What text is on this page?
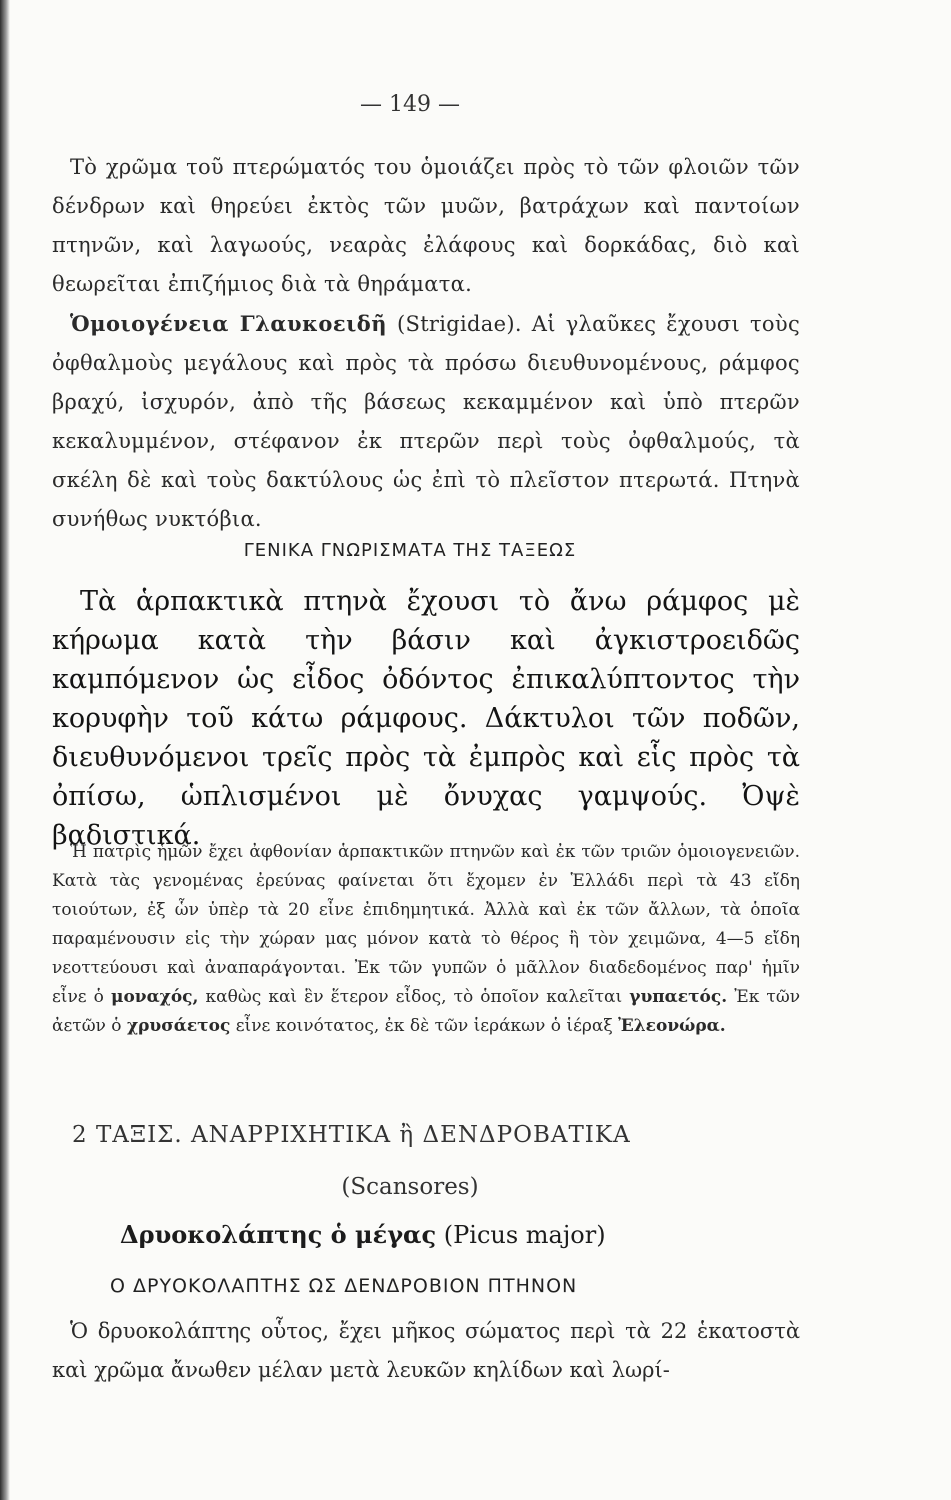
— 149 —

Τὸ χρῶμα τοῦ πτερώματός του ὁμοιάζει πρὸς τὸ τῶν φλοιῶν τῶν δένδρων καὶ θηρεύει ἐκτὸς τῶν μυῶν, βατράχων καὶ παντοίων πτηνῶν, καὶ λαγωούς, νεαρὰς ἐλάφους καὶ δορκάδας, διὸ καὶ θεωρεῖται ἐπιζήμιος διὰ τὰ θηράματα.

Ὁμοιογένεια Γλαυκοειδῆ (Strigidae). Αἱ γλαῦκες ἔχουσι τοὺς ὀφθαλμοὺς μεγάλους καὶ πρὸς τὰ πρόσω διευθυνομένους, ράμφος βραχύ, ἰσχυρόν, ἀπὸ τῆς βάσεως κεκαμμένον καὶ ὑπὸ πτερῶν κεκαλυμμένον, στέφανον ἐκ πτερῶν περὶ τοὺς ὀφθαλμούς, τὰ σκέλη δὲ καὶ τοὺς δακτύλους ὡς ἐπὶ τὸ πλεῖστον πτερωτά. Πτηνὰ συνήθως νυκτόβια.

ΓΕΝΙΚΑ ΓΝΩΡΙΣΜΑΤΑ ΤΗΣ ΤΑΞΕΩΣ

Τὰ ἁρπακτικὰ πτηνὰ ἔχουσι τὸ ἄνω ράμφος μὲ κήρωμα κατὰ τὴν βάσιν καὶ ἀγκιστροειδῶς καμπόμενον ὡς εἶδος ὀδόντος ἐπικαλύπτοντος τὴν κορυφὴν τοῦ κάτω ράμφους. Δάκτυλοι τῶν ποδῶν, διευθυνόμενοι τρεῖς πρὸς τὰ ἐμπρὸς καὶ εἷς πρὸς τὰ ὀπίσω, ὡπλισμένοι μὲ ὄνυχας γαμψούς. Ὀψὲ βαδιστικά.

Ἡ πατρὶς ἡμῶν ἔχει ἀφθονίαν ἁρπακτικῶν πτηνῶν καὶ ἐκ τῶν τριῶν ὁμοιογενειῶν. Κατὰ τὰς γενομένας ἐρεύνας φαίνεται ὅτι ἔχομεν ἐν Ἑλλάδι περὶ τὰ 43 εἴδη τοιούτων, ἐξ ὧν ὑπὲρ τὰ 20 εἶνε ἐπιδημητικά. Ἀλλὰ καὶ ἐκ τῶν ἄλλων, τὰ ὁποῖα παραμένουσιν εἰς τὴν χώραν μας μόνον κατὰ τὸ θέρος ἢ τὸν χειμῶνα, 4—5 εἴδη νεοττεύουσι καὶ ἀναπαράγονται. Ἐκ τῶν γυπῶν ὁ μᾶλλον διαδεδομένος παρ' ἡμῖν εἶνε ὁ μοναχός, καθὼς καὶ ἓν ἕτερον εἶδος, τὸ ὁποῖον καλεῖται γυπαετός. Ἐκ τῶν ἀετῶν ὁ χρυσάετος εἶνε κοινότατος, ἐκ δὲ τῶν ἱεράκων ὁ ἱέραξ Ἐλεονώρα.

2 ΤΑΞΙΣ. ΑΝΑΡΡΙΧΗΤΙΚΑ ἢ ΔΕΝΔΡΟΒΑΤΙΚΑ
(Scansores)
Δρυοκολάπτης ὁ μέγας (Picus major)
Ο ΔΡΥΟΚΟΛΑΠΤΗΣ ΩΣ ΔΕΝΔΡΟΒΙΟΝ ΠΤΗΝΟΝ

Ὁ δρυοκολάπτης οὗτος, ἔχει μῆκος σώματος περὶ τὰ 22 ἑκατοστὰ καὶ χρῶμα ἄνωθεν μέλαν μετὰ λευκῶν κηλίδων καὶ λωρί-
